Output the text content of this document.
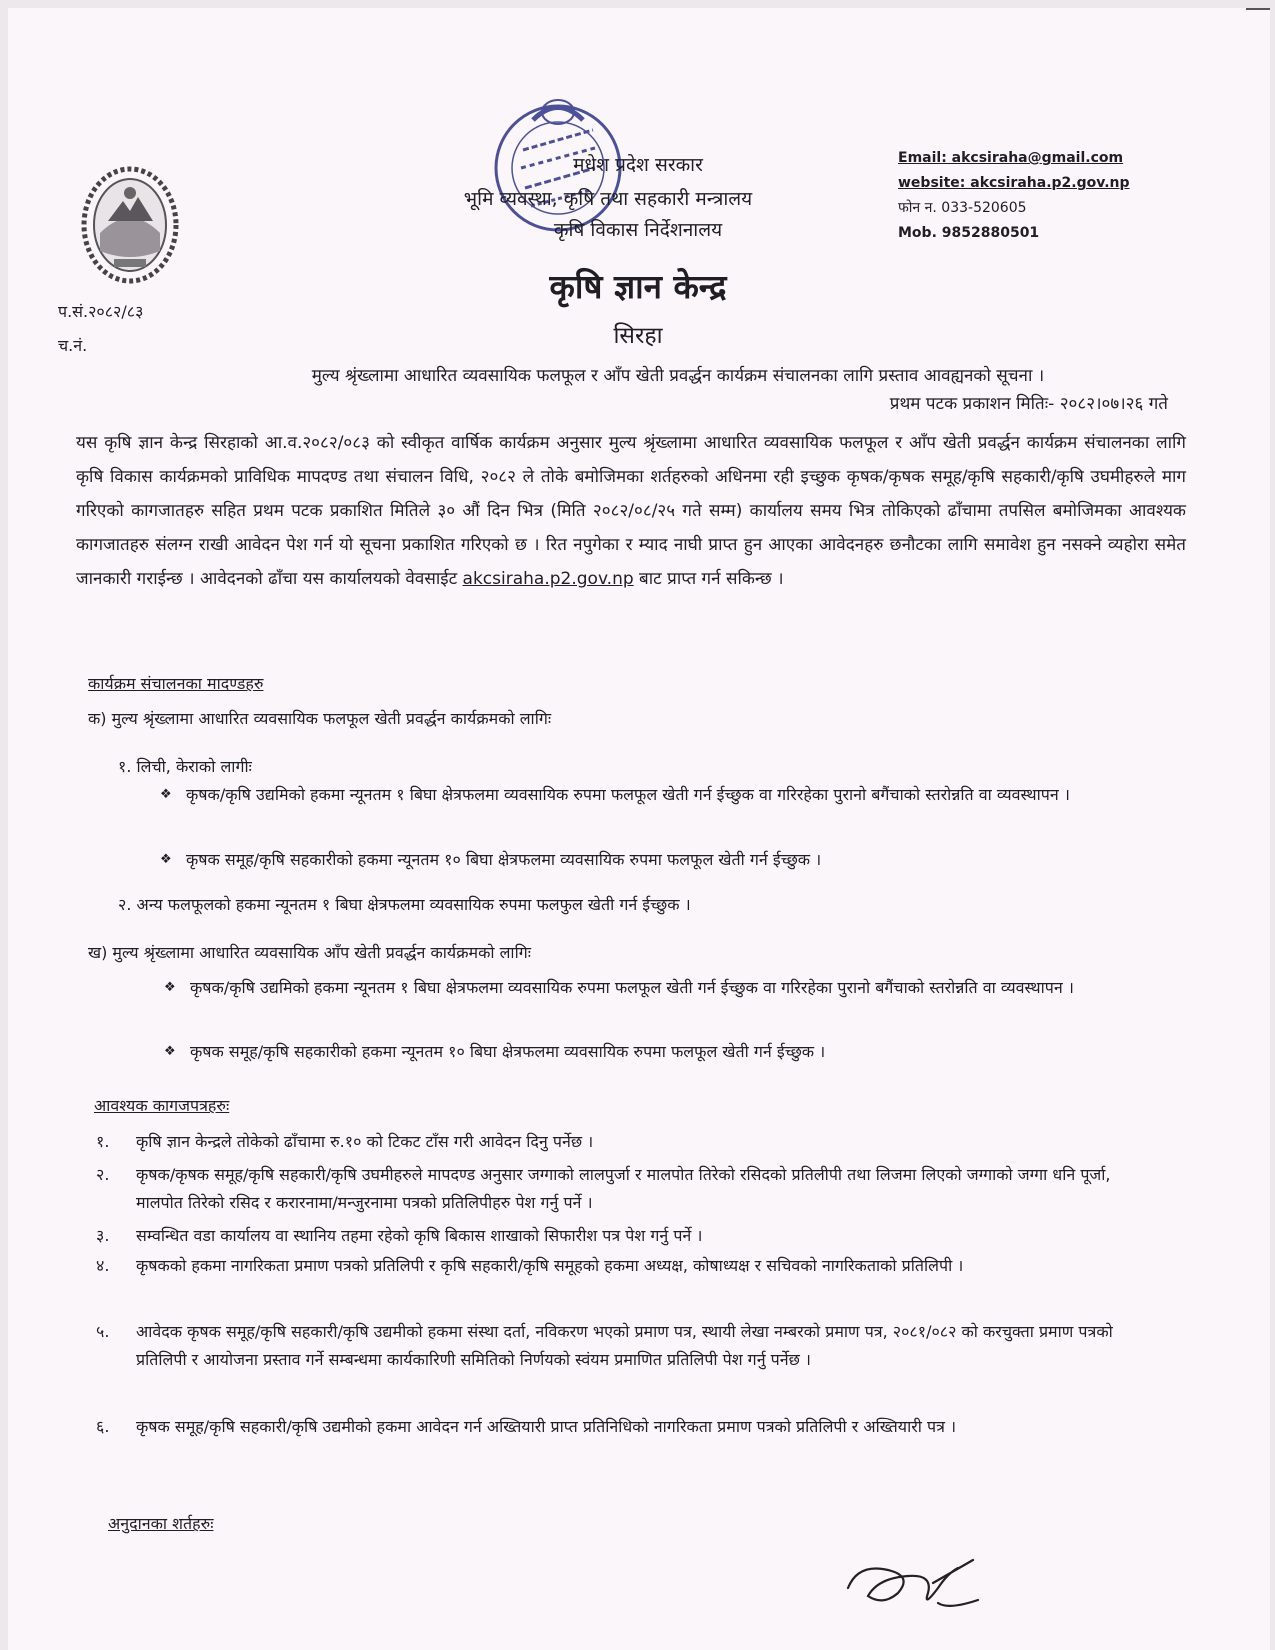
मधेश प्रदेश सरकार
भूमि व्यवस्था, कृषि तथा सहकारी मन्त्रालय
कृषि विकास निर्देशनालय
Email: akcsiraha@gmail.com
website: akcsiraha.p2.gov.np
फोन न. 033-520605
Mob. 9852880501
कृषि ज्ञान केन्द्र
सिरहा
प.सं.२०८२/८३
च.नं.
मुल्य श्रृंख्लामा आधारित व्यवसायिक फलफूल र आँप खेती प्रवर्द्धन कार्यक्रम संचालनका लागि प्रस्ताव आवह्यनको सूचना ।
प्रथम पटक प्रकाशन मितिः- २०८२।०७।२६ गते

यस कृषि ज्ञान केन्द्र सिरहाको आ.व.२०८२/०८३ को स्वीकृत वार्षिक कार्यक्रम अनुसार मुल्य श्रृंख्लामा आधारित व्यवसायिक फलफूल र आँप खेती प्रवर्द्धन कार्यक्रम संचालनका लागि कृषि विकास कार्यक्रमको प्राविधिक मापदण्ड तथा संचालन विधि, २०८२ ले तोके बमोजिमका शर्तहरुको अधिनमा रही इच्छुक कृषक/कृषक समूह/कृषि सहकारी/कृषि उघमीहरुले माग गरिएको कागजातहरु सहित प्रथम पटक प्रकाशित मितिले ३० औं दिन भित्र (मिति २०८२/०८/२५ गते सम्म) कार्यालय समय भित्र तोकिएको ढाँचामा तपसिल बमोजिमका आवश्यक कागजातहरु संलग्न राखी आवेदन पेश गर्न यो सूचना प्रकाशित गरिएको छ । रित नपुगेका र म्याद नाघी प्राप्त हुन आएका आवेदनहरु छनौटका लागि समावेश हुन नसक्ने व्यहोरा समेत जानकारी गराईन्छ । आवेदनको ढाँचा यस कार्यालयको वेवसाईट akcsiraha.p2.gov.np बाट प्राप्त गर्न सकिन्छ ।

कार्यक्रम संचालनका मादण्डहरु
क) मुल्य श्रृंख्लामा आधारित व्यवसायिक फलफूल खेती प्रवर्द्धन कार्यक्रमको लागिः
१. लिची, केराको लागीः
❖ कृषक/कृषि उद्यमिको हकमा न्यूनतम १ बिघा क्षेत्रफलमा व्यवसायिक रुपमा फलफूल खेती गर्न ईच्छुक वा गरिरहेका पुरानो बगैंचाको स्तरोन्नति वा व्यवस्थापन ।
❖ कृषक समूह/कृषि सहकारीको हकमा न्यूनतम १० बिघा क्षेत्रफलमा व्यवसायिक रुपमा फलफूल खेती गर्न ईच्छुक ।
२. अन्य फलफूलको हकमा न्यूनतम १ बिघा क्षेत्रफलमा व्यवसायिक रुपमा फलफुल खेती गर्न ईच्छुक ।
ख) मुल्य श्रृंख्लामा आधारित व्यवसायिक आँप खेती प्रवर्द्धन कार्यक्रमको लागिः
❖ कृषक/कृषि उद्यमिको हकमा न्यूनतम १ बिघा क्षेत्रफलमा व्यवसायिक रुपमा फलफूल खेती गर्न ईच्छुक वा गरिरहेका पुरानो बगैंचाको स्तरोन्नति वा व्यवस्थापन ।
❖ कृषक समूह/कृषि सहकारीको हकमा न्यूनतम १० बिघा क्षेत्रफलमा व्यवसायिक रुपमा फलफूल खेती गर्न ईच्छुक ।
आवश्यक कागजपत्रहरुः
१. कृषि ज्ञान केन्द्रले तोकेको ढाँचामा रु.१० को टिकट टाँस गरी आवेदन दिनु पर्नेछ ।
२. कृषक/कृषक समूह/कृषि सहकारी/कृषि उघमीहरुले मापदण्ड अनुसार जग्गाको लालपुर्जा र मालपोत तिरेको रसिदको प्रतिलीपी तथा लिजमा लिएको जग्गाको जग्गा धनि पूर्जा, मालपोत तिरेको रसिद र करारनामा/मन्जुरनामा पत्रको प्रतिलिपीहरु पेश गर्नु पर्ने ।
३. सम्वन्धित वडा कार्यालय वा स्थानिय तहमा रहेको कृषि बिकास शाखाको सिफारीश पत्र पेश गर्नु पर्ने ।
४. कृषकको हकमा नागरिकता प्रमाण पत्रको प्रतिलिपी र कृषि सहकारी/कृषि समूहको हकमा अध्यक्ष, कोषाध्यक्ष र सचिवको नागरिकताको प्रतिलिपी ।
५. आवेदक कृषक समूह/कृषि सहकारी/कृषि उद्यमीको हकमा संस्था दर्ता, नविकरण भएको प्रमाण पत्र, स्थायी लेखा नम्बरको प्रमाण पत्र, २०८१/०८२ को करचुक्ता प्रमाण पत्रको प्रतिलिपी र आयोजना प्रस्ताव गर्ने सम्बन्धमा कार्यकारिणी समितिको निर्णयको स्वंयम प्रमाणित प्रतिलिपी पेश गर्नु पर्नेछ ।
६. कृषक समूह/कृषि सहकारी/कृषि उद्यमीको हकमा आवेदन गर्न अख्तियारी प्राप्त प्रतिनिधिको नागरिकता प्रमाण पत्रको प्रतिलिपी र अख्तियारी पत्र ।
अनुदानका शर्तहरुः
